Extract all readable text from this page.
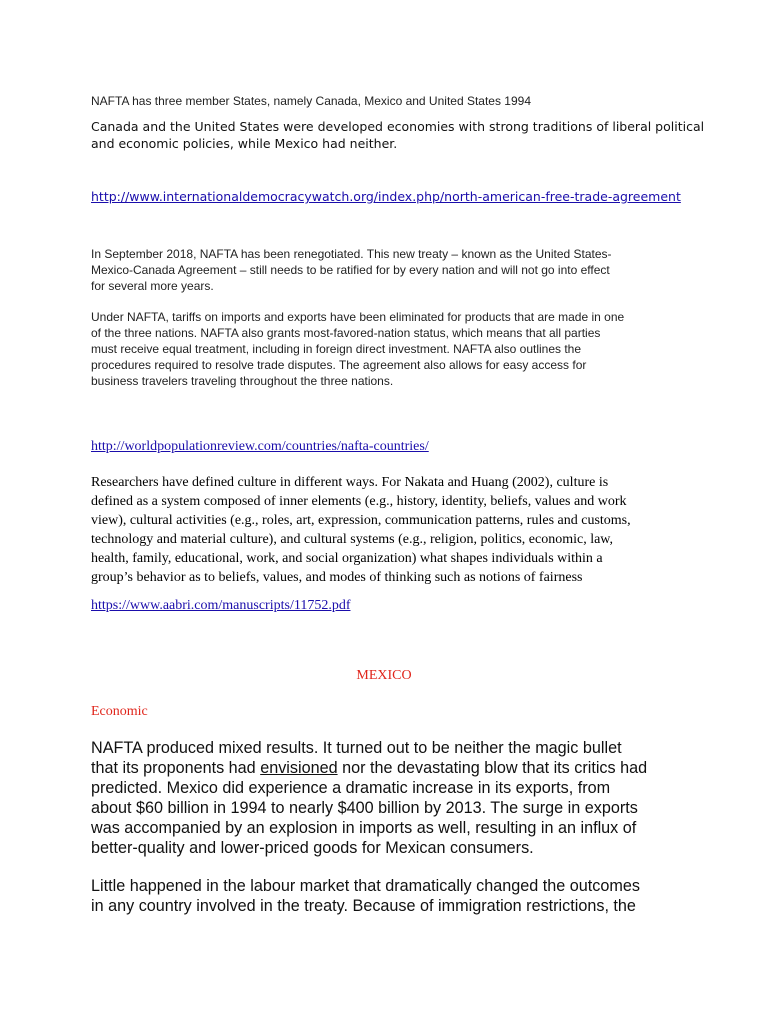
NAFTA has three member States, namely Canada, Mexico and United States 1994

Canada and the United States were developed economies with strong traditions of liberal political
and economic policies, while Mexico had neither.

http://www.internationaldemocracywatch.org/index.php/north-american-free-trade-agreement

In September 2018, NAFTA has been renegotiated. This new treaty – known as the United States-
Mexico-Canada Agreement – still needs to be ratified for by every nation and will not go into effect
for several more years.

Under NAFTA, tariffs on imports and exports have been eliminated for products that are made in one
of the three nations. NAFTA also grants most-favored-nation status, which means that all parties
must receive equal treatment, including in foreign direct investment. NAFTA also outlines the
procedures required to resolve trade disputes. The agreement also allows for easy access for
business travelers traveling throughout the three nations.

http://worldpopulationreview.com/countries/nafta-countries/

Researchers have defined culture in different ways. For Nakata and Huang (2002), culture is
defined as a system composed of inner elements (e.g., history, identity, beliefs, values and work
view), cultural activities (e.g., roles, art, expression, communication patterns, rules and customs,
technology and material culture), and cultural systems (e.g., religion, politics, economic, law,
health, family, educational, work, and social organization) what shapes individuals within a
group’s behavior as to beliefs, values, and modes of thinking such as notions of fairness

https://www.aabri.com/manuscripts/11752.pdf

MEXICO

Economic

NAFTA produced mixed results. It turned out to be neither the magic bullet
that its proponents had envisioned nor the devastating blow that its critics had
predicted. Mexico did experience a dramatic increase in its exports, from
about $60 billion in 1994 to nearly $400 billion by 2013. The surge in exports
was accompanied by an explosion in imports as well, resulting in an influx of
better-quality and lower-priced goods for Mexican consumers.

Little happened in the labour market that dramatically changed the outcomes
in any country involved in the treaty. Because of immigration restrictions, the
